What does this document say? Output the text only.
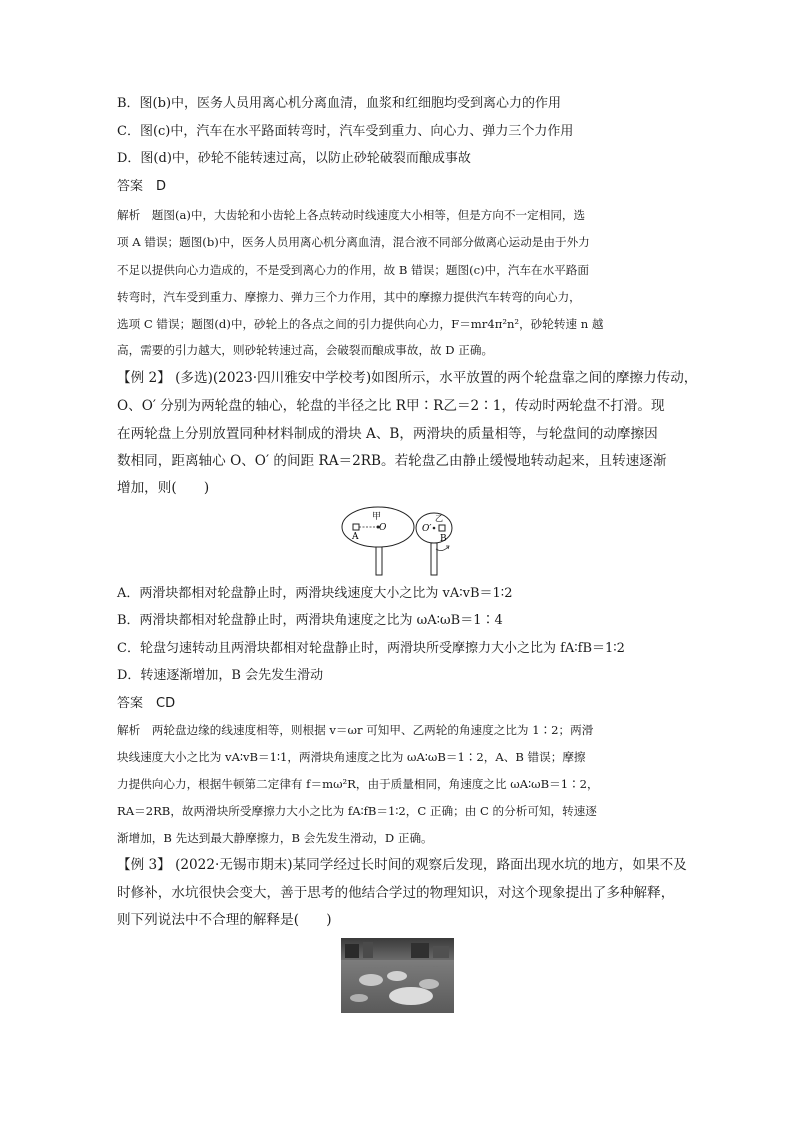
B．图(b)中，医务人员用离心机分离血清，血浆和红细胞均受到离心力的作用
C．图(c)中，汽车在水平路面转弯时，汽车受到重力、向心力、弹力三个力作用
D．图(d)中，砂轮不能转速过高，以防止砂轮破裂而酿成事故
答案　D
解析　题图(a)中，大齿轮和小齿轮上各点转动时线速度大小相等，但是方向不一定相同，选
项 A 错误；题图(b)中，医务人员用离心机分离血清，混合液不同部分做离心运动是由于外力
不足以提供向心力造成的，不是受到离心力的作用，故 B 错误；题图(c)中，汽车在水平路面
转弯时，汽车受到重力、摩擦力、弹力三个力作用，其中的摩擦力提供汽车转弯的向心力，
选项 C 错误；题图(d)中，砂轮上的各点之间的引力提供向心力，F＝mr4π²n²，砂轮转速 n 越
高，需要的引力越大，则砂轮转速过高，会破裂而酿成事故，故 D 正确。
【例 2】 (多选)(2023·四川雅安中学校考)如图所示，水平放置的两个轮盘靠之间的摩擦力传动，
O、O′ 分别为两轮盘的轴心，轮盘的半径之比 R甲∶R乙＝2∶1，传动时两轮盘不打滑。现
在两轮盘上分别放置同种材料制成的滑块 A、B，两滑块的质量相等，与轮盘间的动摩擦因
数相同，距离轴心 O、O′ 的间距 RA＝2RB。若轮盘乙由静止缓慢地转动起来，且转速逐渐
增加，则(　　)
甲
O
A
乙
O′
B
A．两滑块都相对轮盘静止时，两滑块线速度大小之比为 vA∶vB＝1∶2
B．两滑块都相对轮盘静止时，两滑块角速度之比为 ωA∶ωB＝1∶4
C．轮盘匀速转动且两滑块都相对轮盘静止时，两滑块所受摩擦力大小之比为 fA∶fB＝1∶2
D．转速逐渐增加，B 会先发生滑动
答案　CD
解析　两轮盘边缘的线速度相等，则根据 v＝ωr 可知甲、乙两轮的角速度之比为 1∶2；两滑
块线速度大小之比为 vA∶vB＝1∶1，两滑块角速度之比为 ωA∶ωB＝1∶2，A、B 错误；摩擦
力提供向心力，根据牛顿第二定律有 f＝mω²R，由于质量相同，角速度之比 ωA∶ωB＝1∶2，
RA＝2RB，故两滑块所受摩擦力大小之比为 fA∶fB＝1∶2，C 正确；由 C 的分析可知，转速逐
渐增加，B 先达到最大静摩擦力，B 会先发生滑动，D 正确。
【例 3】 (2022·无锡市期末)某同学经过长时间的观察后发现，路面出现水坑的地方，如果不及
时修补，水坑很快会变大，善于思考的他结合学过的物理知识，对这个现象提出了多种解释，
则下列说法中不合理的解释是(　　)
